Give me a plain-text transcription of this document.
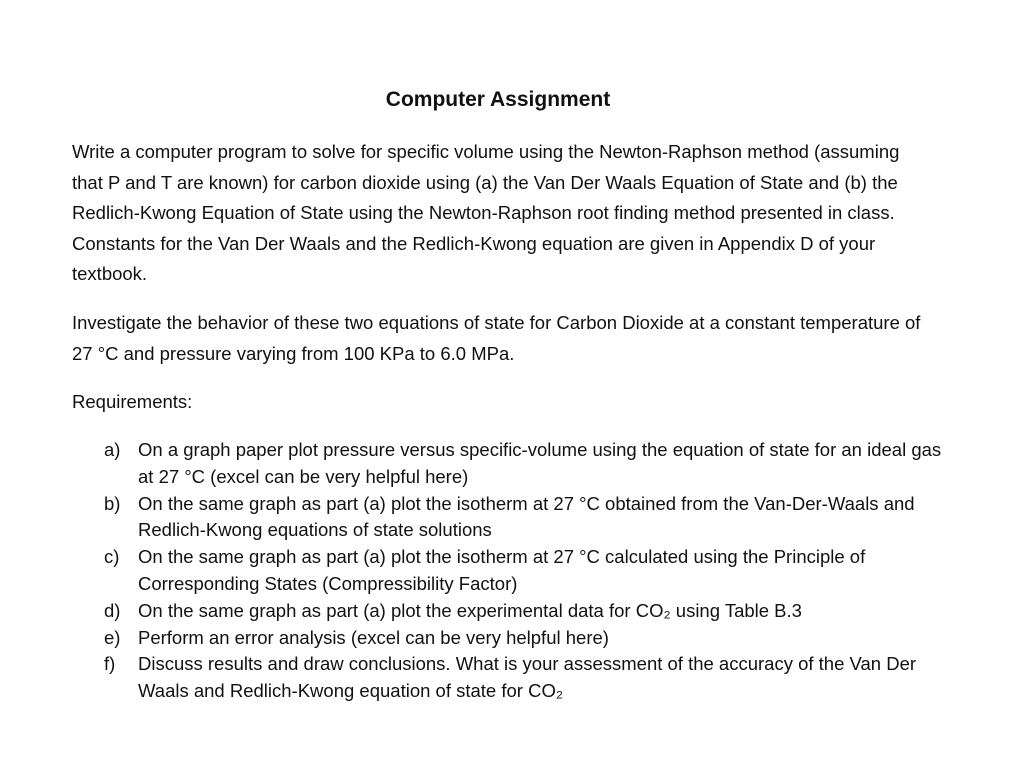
Computer Assignment

Write a computer program to solve for specific volume using the Newton-Raphson method (assuming that P and T are known) for carbon dioxide using (a) the Van Der Waals Equation of State and (b) the Redlich-Kwong Equation of State using the Newton-Raphson root finding method presented in class. Constants for the Van Der Waals and the Redlich-Kwong equation are given in Appendix D of your textbook.

Investigate the behavior of these two equations of state for Carbon Dioxide at a constant temperature of 27 °C and pressure varying from 100 KPa to 6.0 MPa.

Requirements:

a) On a graph paper plot pressure versus specific-volume using the equation of state for an ideal gas at 27 °C (excel can be very helpful here)
b) On the same graph as part (a) plot the isotherm at 27 °C obtained from the Van-Der-Waals and Redlich-Kwong equations of state solutions
c) On the same graph as part (a) plot the isotherm at 27 °C calculated using the Principle of Corresponding States (Compressibility Factor)
d) On the same graph as part (a) plot the experimental data for CO₂ using Table B.3
e) Perform an error analysis (excel can be very helpful here)
f) Discuss results and draw conclusions. What is your assessment of the accuracy of the Van Der Waals and Redlich-Kwong equation of state for CO₂
